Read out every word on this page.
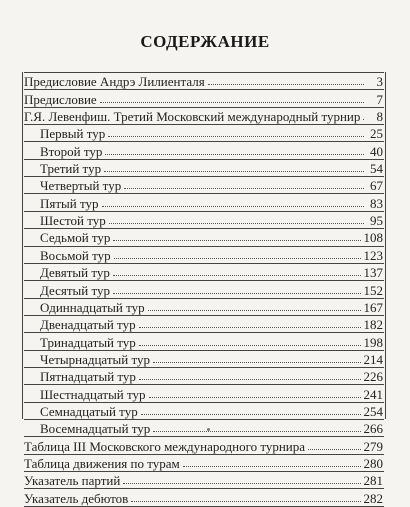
СОДЕРЖАНИЕ
Предисловие Андрэ Лилиенталя	3
Предисловие	7
Г.Я. Левенфиш. Третий Московский международный турнир	8
Первый тур	25
Второй тур	40
Третий тур	54
Четвертый тур	67
Пятый тур	83
Шестой тур	95
Седьмой тур	108
Восьмой тур	123
Девятый тур	137
Десятый тур	152
Одиннадцатый тур	167
Двенадцатый тур	182
Тринадцатый тур	198
Четырнадцатый тур	214
Пятнадцатый тур	226
Шестнадцатый тур	241
Семнадцатый тур	254
Восемнадцатый тур	266
Таблица III Московского международного турнира	279
Таблица движения по турам	280
Указатель партий	281
Указатель дебютов	282
